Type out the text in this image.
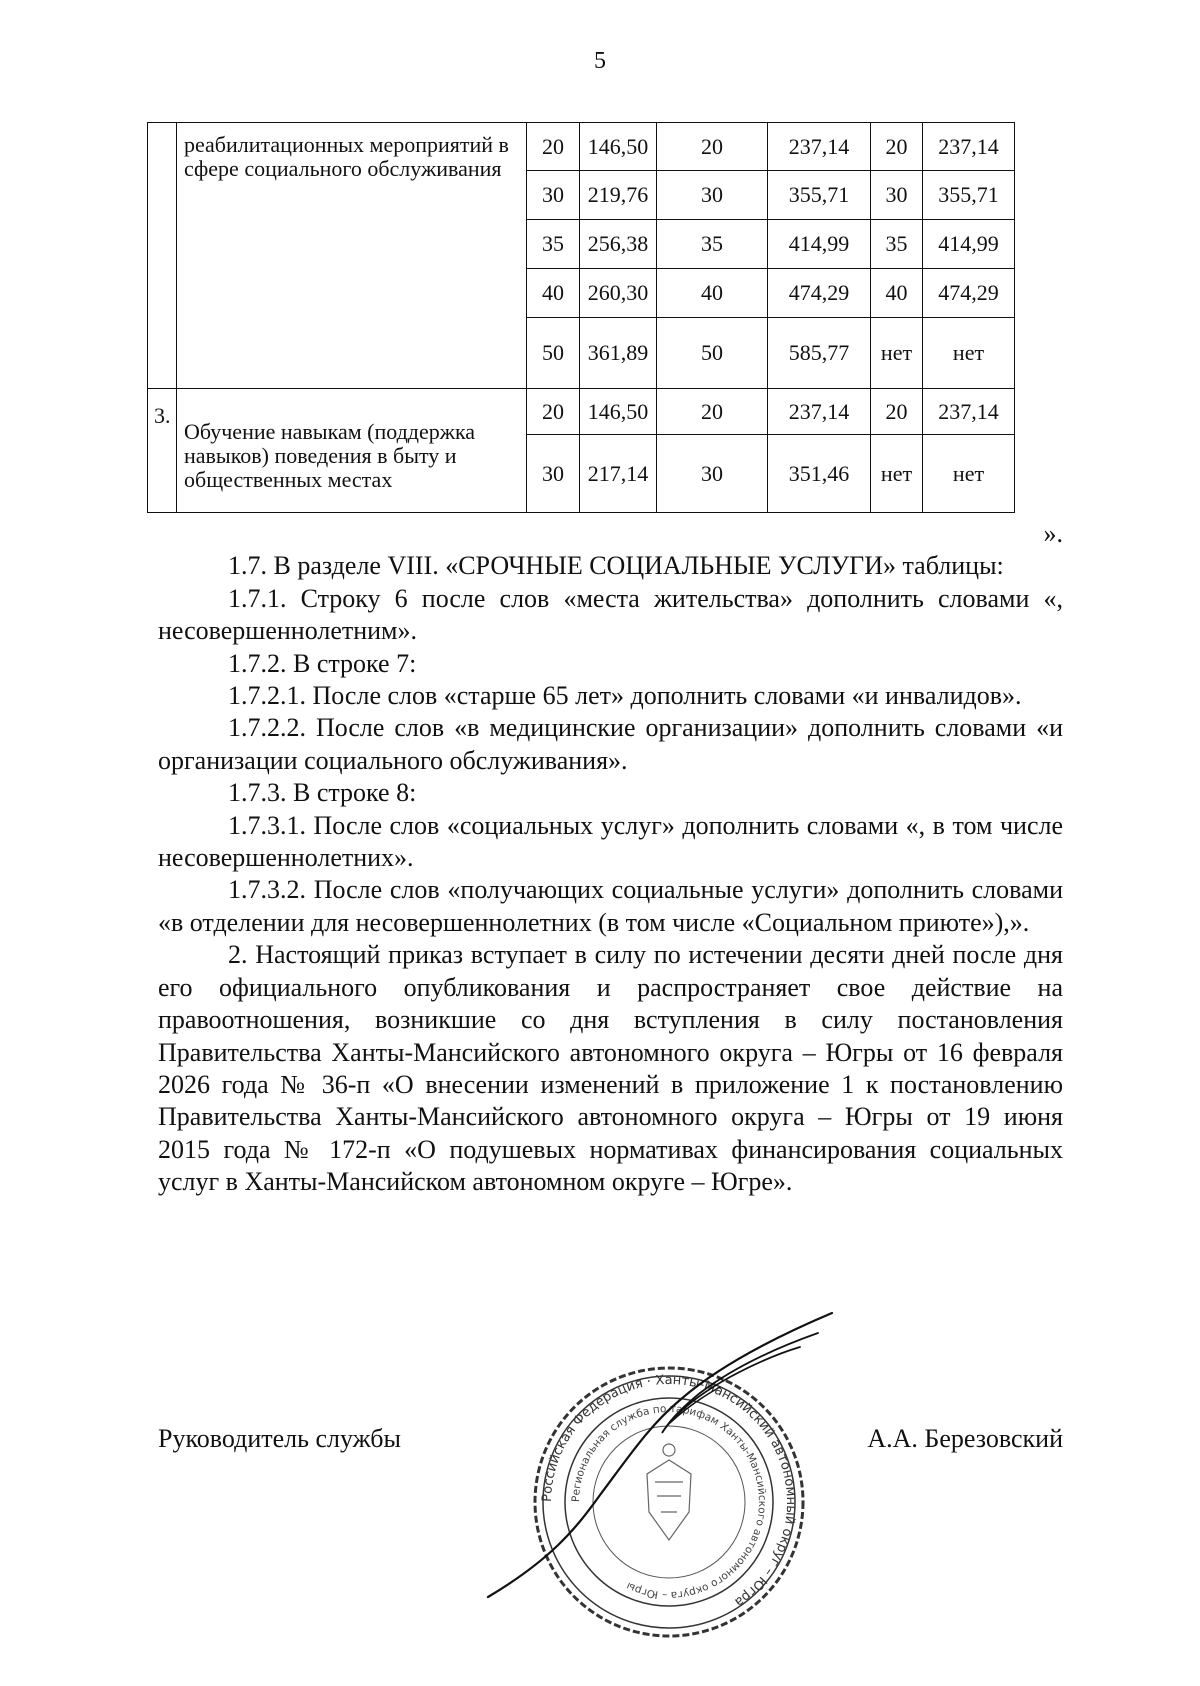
5
	реабилитационных мероприятий в сфере социального обслуживания	20	146,50	20	237,14	20	237,14
		30	219,76	30	355,71	30	355,71
		35	256,38	35	414,99	35	414,99
		40	260,30	40	474,29	40	474,29
		50	361,89	50	585,77	нет	нет
3.	Обучение навыкам (поддержка навыков) поведения в быту и общественных местах	20	146,50	20	237,14	20	237,14
		30	217,14	30	351,46	нет	нет
».

1.7. В разделе VIII. «СРОЧНЫЕ СОЦИАЛЬНЫЕ УСЛУГИ» таблицы:

1.7.1. Строку 6 после слов «места жительства» дополнить словами «, несовершеннолетним».

1.7.2. В строке 7:

1.7.2.1. После слов «старше 65 лет» дополнить словами «и инвалидов».

1.7.2.2. После слов «в медицинские организации» дополнить словами «и организации социального обслуживания».

1.7.3. В строке 8:

1.7.3.1. После слов «социальных услуг» дополнить словами «, в том числе несовершеннолетних».

1.7.3.2. После слов «получающих социальные услуги» дополнить словами «в отделении для несовершеннолетних (в том числе «Социальном приюте»),».

2. Настоящий приказ вступает в силу по истечении десяти дней после дня его официального опубликования и распространяет свое действие на правоотношения, возникшие со дня вступления в силу постановления Правительства Ханты-Мансийского автономного округа – Югры от 16 февраля 2026 года № 36-п «О внесении изменений в приложение 1 к постановлению Правительства Ханты-Мансийского автономного округа – Югры от 19 июня 2015 года № 172-п «О подушевых нормативах финансирования социальных услуг в Ханты-Мансийском автономном округе – Югре».

Российская Федерация · Ханты-Мансийский автономный округ – Югра
Региональная служба по тарифам Ханты-Мансийского автономного округа – Югры
Руководитель службы	А.А. Березовский
